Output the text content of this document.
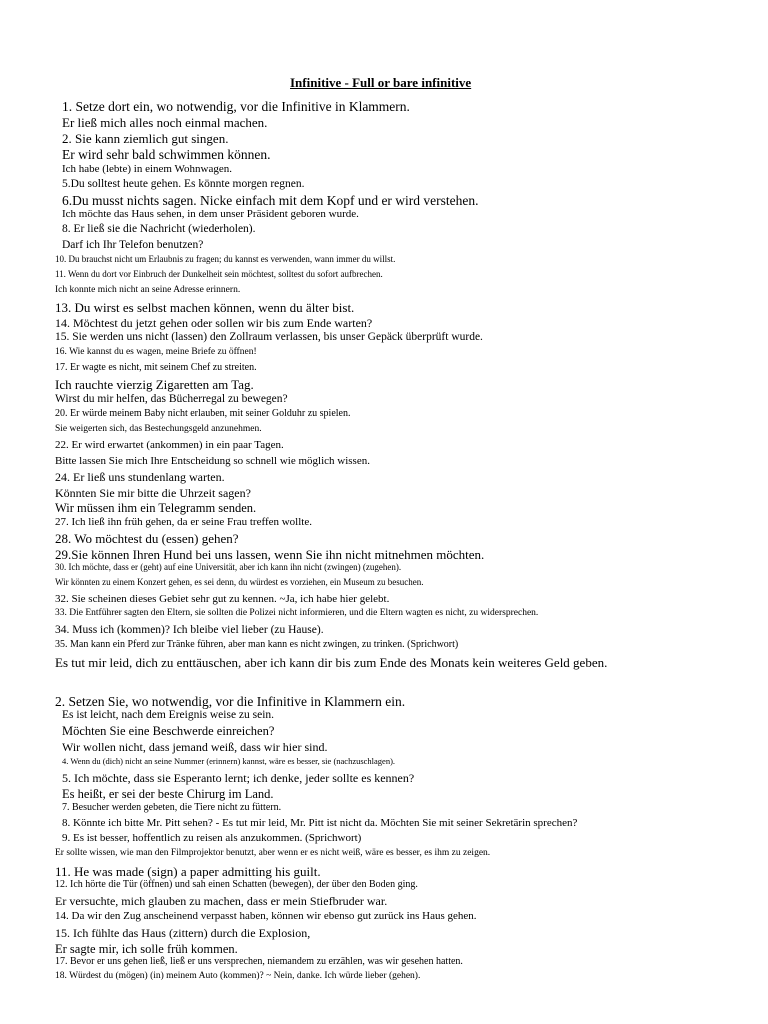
Infinitive - Full or bare infinitive
1. Setze dort ein, wo notwendig, vor die Infinitive in Klammern.
Er ließ mich alles noch einmal machen.
2. Sie kann ziemlich gut singen.
Er wird sehr bald schwimmen können.
Ich habe (lebte) in einem Wohnwagen.
5.Du solltest heute gehen. Es könnte morgen regnen.
6.Du musst nichts sagen. Nicke einfach mit dem Kopf und er wird verstehen.
Ich möchte das Haus sehen, in dem unser Präsident geboren wurde.
8. Er ließ sie die Nachricht (wiederholen).
Darf ich Ihr Telefon benutzen?
10. Du brauchst nicht um Erlaubnis zu fragen; du kannst es verwenden, wann immer du willst.
11. Wenn du dort vor Einbruch der Dunkelheit sein möchtest, solltest du sofort aufbrechen.
Ich konnte mich nicht an seine Adresse erinnern.
13. Du wirst es selbst machen können, wenn du älter bist.
14. Möchtest du jetzt gehen oder sollen wir bis zum Ende warten?
15. Sie werden uns nicht (lassen) den Zollraum verlassen, bis unser Gepäck überprüft wurde.
16. Wie kannst du es wagen, meine Briefe zu öffnen!
17. Er wagte es nicht, mit seinem Chef zu streiten.
Ich rauchte vierzig Zigaretten am Tag.
Wirst du mir helfen, das Bücherregal zu bewegen?
20. Er würde meinem Baby nicht erlauben, mit seiner Golduhr zu spielen.
Sie weigerten sich, das Bestechungsgeld anzunehmen.
22. Er wird erwartet (ankommen) in ein paar Tagen.
Bitte lassen Sie mich Ihre Entscheidung so schnell wie möglich wissen.
24. Er ließ uns stundenlang warten.
Könnten Sie mir bitte die Uhrzeit sagen?
Wir müssen ihm ein Telegramm senden.
27. Ich ließ ihn früh gehen, da er seine Frau treffen wollte.
28. Wo möchtest du (essen) gehen?
29.Sie können Ihren Hund bei uns lassen, wenn Sie ihn nicht mitnehmen möchten.
30. Ich möchte, dass er (geht) auf eine Universität, aber ich kann ihn nicht (zwingen) (zugehen).
Wir könnten zu einem Konzert gehen, es sei denn, du würdest es vorziehen, ein Museum zu besuchen.
32. Sie scheinen dieses Gebiet sehr gut zu kennen. ~Ja, ich habe hier gelebt.
33. Die Entführer sagten den Eltern, sie sollten die Polizei nicht informieren, und die Eltern wagten es nicht, zu widersprechen.
34. Muss ich (kommen)? Ich bleibe viel lieber (zu Hause).
35. Man kann ein Pferd zur Tränke führen, aber man kann es nicht zwingen, zu trinken. (Sprichwort)
Es tut mir leid, dich zu enttäuschen, aber ich kann dir bis zum Ende des Monats kein weiteres Geld geben.
2. Setzen Sie, wo notwendig, vor die Infinitive in Klammern ein.
Es ist leicht, nach dem Ereignis weise zu sein.
Möchten Sie eine Beschwerde einreichen?
Wir wollen nicht, dass jemand weiß, dass wir hier sind.
4. Wenn du (dich) nicht an seine Nummer (erinnern) kannst, wäre es besser, sie (nachzuschlagen).
5. Ich möchte, dass sie Esperanto lernt; ich denke, jeder sollte es kennen?
Es heißt, er sei der beste Chirurg im Land.
7. Besucher werden gebeten, die Tiere nicht zu füttern.
8. Könnte ich bitte Mr. Pitt sehen? - Es tut mir leid, Mr. Pitt ist nicht da. Möchten Sie mit seiner Sekretärin sprechen?
9. Es ist besser, hoffentlich zu reisen als anzukommen. (Sprichwort)
Er sollte wissen, wie man den Filmprojektor benutzt, aber wenn er es nicht weiß, wäre es besser, es ihm zu zeigen.
11. He was made (sign) a paper admitting his guilt.
12. Ich hörte die Tür (öffnen) und sah einen Schatten (bewegen), der über den Boden ging.
Er versuchte, mich glauben zu machen, dass er mein Stiefbruder war.
14. Da wir den Zug anscheinend verpasst haben, können wir ebenso gut zurück ins Haus gehen.
15. Ich fühlte das Haus (zittern) durch die Explosion,
Er sagte mir, ich solle früh kommen.
17. Bevor er uns gehen ließ, ließ er uns versprechen, niemandem zu erzählen, was wir gesehen hatten.
18. Würdest du (mögen) (in) meinem Auto (kommen)? ~ Nein, danke. Ich würde lieber (gehen).
